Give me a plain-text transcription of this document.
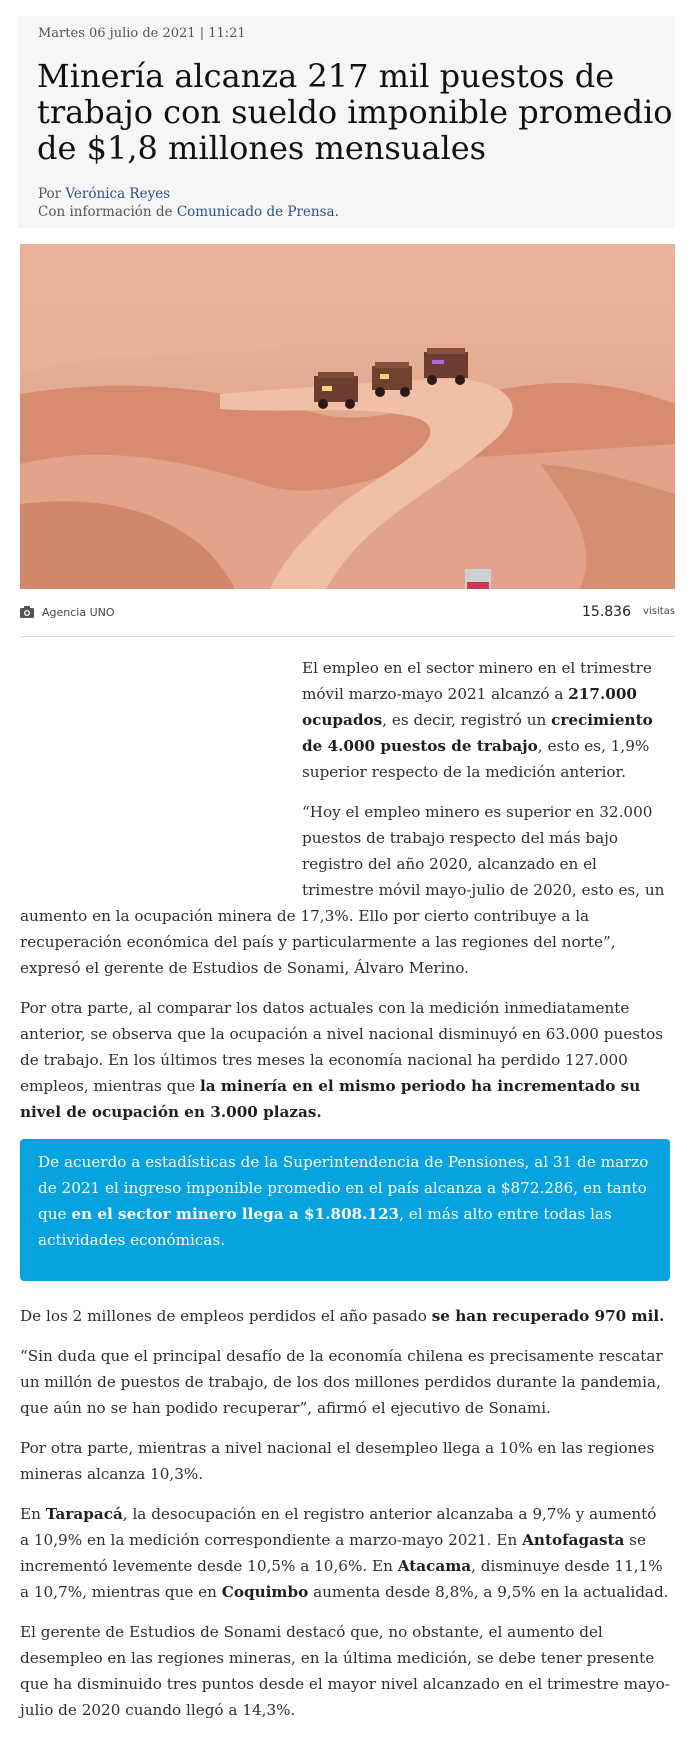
Martes 06 julio de 2021 | 11:21
Minería alcanza 217 mil puestos de trabajo con sueldo imponible promedio de $1,8 millones mensuales
Por Verónica Reyes
Con información de Comunicado de Prensa.
Agencia UNO	15.836 visitas

El empleo en el sector minero en el trimestre móvil marzo-mayo 2021 alcanzó a 217.000 ocupados, es decir, registró un crecimiento de 4.000 puestos de trabajo, esto es, 1,9% superior respecto de la medición anterior.

“Hoy el empleo minero es superior en 32.000 puestos de trabajo respecto del más bajo registro del año 2020, alcanzado en el trimestre móvil mayo-julio de 2020, esto es, un aumento en la ocupación minera de 17,3%. Ello por cierto contribuye a la recuperación económica del país y particularmente a las regiones del norte”, expresó el gerente de Estudios de Sonami, Álvaro Merino.

Por otra parte, al comparar los datos actuales con la medición inmediatamente anterior, se observa que la ocupación a nivel nacional disminuyó en 63.000 puestos de trabajo. En los últimos tres meses la economía nacional ha perdido 127.000 empleos, mientras que la minería en el mismo periodo ha incrementado su nivel de ocupación en 3.000 plazas.

De acuerdo a estadísticas de la Superintendencia de Pensiones, al 31 de marzo de 2021 el ingreso imponible promedio en el país alcanza a $872.286, en tanto que en el sector minero llega a $1.808.123, el más alto entre todas las actividades económicas.

De los 2 millones de empleos perdidos el año pasado se han recuperado 970 mil.

“Sin duda que el principal desafío de la economía chilena es precisamente rescatar un millón de puestos de trabajo, de los dos millones perdidos durante la pandemia, que aún no se han podido recuperar”, afirmó el ejecutivo de Sonami.

Por otra parte, mientras a nivel nacional el desempleo llega a 10% en las regiones mineras alcanza 10,3%.

En Tarapacá, la desocupación en el registro anterior alcanzaba a 9,7% y aumentó a 10,9% en la medición correspondiente a marzo-mayo 2021. En Antofagasta se incrementó levemente desde 10,5% a 10,6%. En Atacama, disminuye desde 11,1% a 10,7%, mientras que en Coquimbo aumenta desde 8,8%, a 9,5% en la actualidad.

El gerente de Estudios de Sonami destacó que, no obstante, el aumento del desempleo en las regiones mineras, en la última medición, se debe tener presente que ha disminuido tres puntos desde el mayor nivel alcanzado en el trimestre mayo-julio de 2020 cuando llegó a 14,3%.
